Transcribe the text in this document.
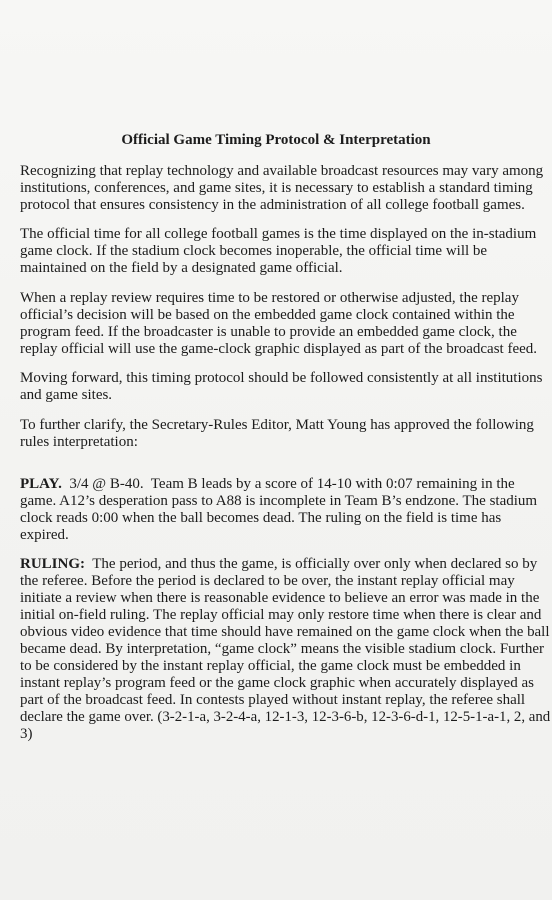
Official Game Timing Protocol & Interpretation
Recognizing that replay technology and available broadcast resources may vary among
institutions, conferences, and game sites, it is necessary to establish a standard timing
protocol that ensures consistency in the administration of all college football games.
The official time for all college football games is the time displayed on the in-stadium
game clock. If the stadium clock becomes inoperable, the official time will be
maintained on the field by a designated game official.
When a replay review requires time to be restored or otherwise adjusted, the replay
official’s decision will be based on the embedded game clock contained within the
program feed. If the broadcaster is unable to provide an embedded game clock, the
replay official will use the game-clock graphic displayed as part of the broadcast feed.
Moving forward, this timing protocol should be followed consistently at all institutions
and game sites.
To further clarify, the Secretary-Rules Editor, Matt Young has approved the following
rules interpretation:
PLAY.  3/4 @ B-40.  Team B leads by a score of 14-10 with 0:07 remaining in the
game. A12’s desperation pass to A88 is incomplete in Team B’s endzone. The stadium
clock reads 0:00 when the ball becomes dead. The ruling on the field is time has
expired.
RULING:  The period, and thus the game, is officially over only when declared so by
the referee. Before the period is declared to be over, the instant replay official may
initiate a review when there is reasonable evidence to believe an error was made in the
initial on-field ruling. The replay official may only restore time when there is clear and
obvious video evidence that time should have remained on the game clock when the ball
became dead. By interpretation, “game clock” means the visible stadium clock. Further
to be considered by the instant replay official, the game clock must be embedded in
instant replay’s program feed or the game clock graphic when accurately displayed as
part of the broadcast feed. In contests played without instant replay, the referee shall
declare the game over. (3-2-1-a, 3-2-4-a, 12-1-3, 12-3-6-b, 12-3-6-d-1, 12-5-1-a-1, 2, and
3)
